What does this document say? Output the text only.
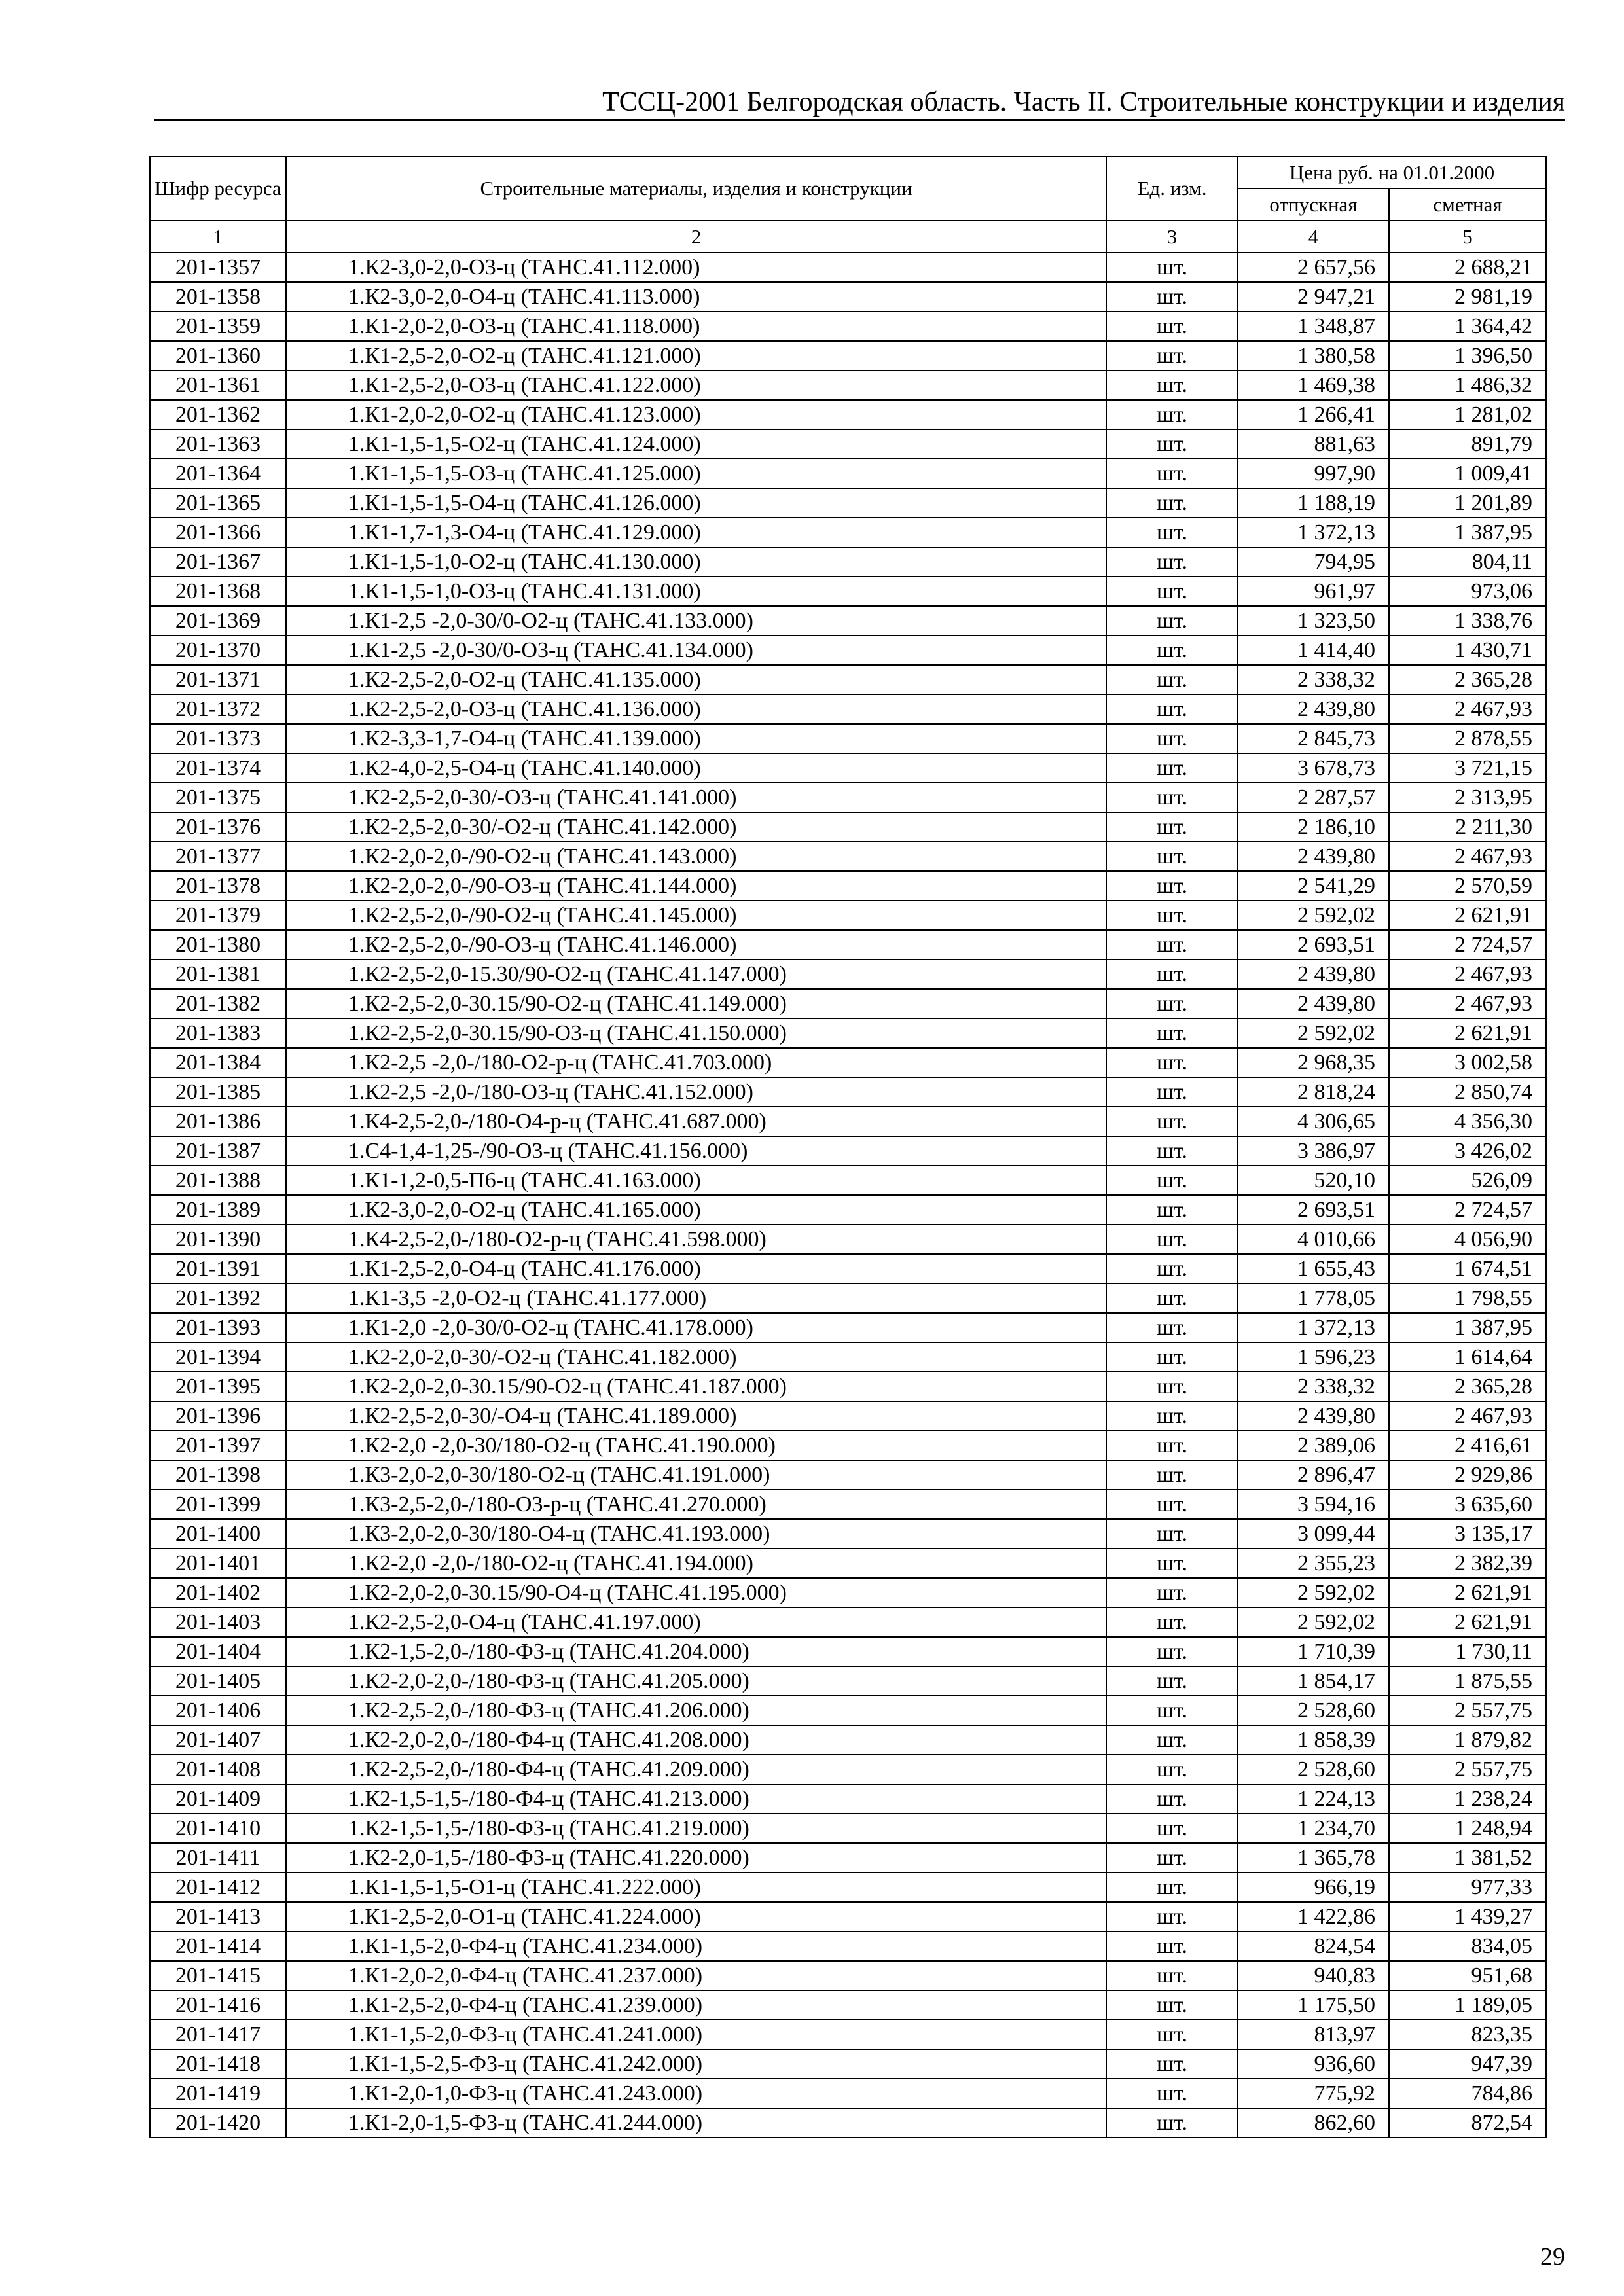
ТССЦ-2001 Белгородская область. Часть II. Строительные конструкции и изделия
Шифр ресурса	Строительные материалы, изделия и конструкции	Ед. изм.	Цена руб. на 01.01.2000	
			отпускная	сметная
1	2	3	4	5
201-1357	1.К2-3,0-2,0-О3-ц (ТАНС.41.112.000)	шт.	2 657,56	2 688,21
201-1358	1.К2-3,0-2,0-О4-ц (ТАНС.41.113.000)	шт.	2 947,21	2 981,19
201-1359	1.К1-2,0-2,0-О3-ц (ТАНС.41.118.000)	шт.	1 348,87	1 364,42
201-1360	1.К1-2,5-2,0-О2-ц (ТАНС.41.121.000)	шт.	1 380,58	1 396,50
201-1361	1.К1-2,5-2,0-О3-ц (ТАНС.41.122.000)	шт.	1 469,38	1 486,32
201-1362	1.К1-2,0-2,0-О2-ц (ТАНС.41.123.000)	шт.	1 266,41	1 281,02
201-1363	1.К1-1,5-1,5-О2-ц (ТАНС.41.124.000)	шт.	881,63	891,79
201-1364	1.К1-1,5-1,5-О3-ц (ТАНС.41.125.000)	шт.	997,90	1 009,41
201-1365	1.К1-1,5-1,5-О4-ц (ТАНС.41.126.000)	шт.	1 188,19	1 201,89
201-1366	1.К1-1,7-1,3-О4-ц (ТАНС.41.129.000)	шт.	1 372,13	1 387,95
201-1367	1.К1-1,5-1,0-О2-ц (ТАНС.41.130.000)	шт.	794,95	804,11
201-1368	1.К1-1,5-1,0-О3-ц (ТАНС.41.131.000)	шт.	961,97	973,06
201-1369	1.К1-2,5 -2,0-30/0-О2-ц (ТАНС.41.133.000)	шт.	1 323,50	1 338,76
201-1370	1.К1-2,5 -2,0-30/0-О3-ц (ТАНС.41.134.000)	шт.	1 414,40	1 430,71
201-1371	1.К2-2,5-2,0-О2-ц (ТАНС.41.135.000)	шт.	2 338,32	2 365,28
201-1372	1.К2-2,5-2,0-О3-ц (ТАНС.41.136.000)	шт.	2 439,80	2 467,93
201-1373	1.К2-3,3-1,7-О4-ц (ТАНС.41.139.000)	шт.	2 845,73	2 878,55
201-1374	1.К2-4,0-2,5-О4-ц (ТАНС.41.140.000)	шт.	3 678,73	3 721,15
201-1375	1.К2-2,5-2,0-30/-О3-ц (ТАНС.41.141.000)	шт.	2 287,57	2 313,95
201-1376	1.К2-2,5-2,0-30/-О2-ц (ТАНС.41.142.000)	шт.	2 186,10	2 211,30
201-1377	1.К2-2,0-2,0-/90-О2-ц (ТАНС.41.143.000)	шт.	2 439,80	2 467,93
201-1378	1.К2-2,0-2,0-/90-О3-ц (ТАНС.41.144.000)	шт.	2 541,29	2 570,59
201-1379	1.К2-2,5-2,0-/90-О2-ц (ТАНС.41.145.000)	шт.	2 592,02	2 621,91
201-1380	1.К2-2,5-2,0-/90-О3-ц (ТАНС.41.146.000)	шт.	2 693,51	2 724,57
201-1381	1.К2-2,5-2,0-15.30/90-О2-ц (ТАНС.41.147.000)	шт.	2 439,80	2 467,93
201-1382	1.К2-2,5-2,0-30.15/90-О2-ц (ТАНС.41.149.000)	шт.	2 439,80	2 467,93
201-1383	1.К2-2,5-2,0-30.15/90-О3-ц (ТАНС.41.150.000)	шт.	2 592,02	2 621,91
201-1384	1.К2-2,5 -2,0-/180-О2-р-ц (ТАНС.41.703.000)	шт.	2 968,35	3 002,58
201-1385	1.К2-2,5 -2,0-/180-О3-ц (ТАНС.41.152.000)	шт.	2 818,24	2 850,74
201-1386	1.К4-2,5-2,0-/180-О4-р-ц (ТАНС.41.687.000)	шт.	4 306,65	4 356,30
201-1387	1.С4-1,4-1,25-/90-О3-ц (ТАНС.41.156.000)	шт.	3 386,97	3 426,02
201-1388	1.К1-1,2-0,5-П6-ц (ТАНС.41.163.000)	шт.	520,10	526,09
201-1389	1.К2-3,0-2,0-О2-ц (ТАНС.41.165.000)	шт.	2 693,51	2 724,57
201-1390	1.К4-2,5-2,0-/180-О2-р-ц (ТАНС.41.598.000)	шт.	4 010,66	4 056,90
201-1391	1.К1-2,5-2,0-О4-ц (ТАНС.41.176.000)	шт.	1 655,43	1 674,51
201-1392	1.К1-3,5 -2,0-О2-ц (ТАНС.41.177.000)	шт.	1 778,05	1 798,55
201-1393	1.К1-2,0 -2,0-30/0-О2-ц (ТАНС.41.178.000)	шт.	1 372,13	1 387,95
201-1394	1.К2-2,0-2,0-30/-О2-ц (ТАНС.41.182.000)	шт.	1 596,23	1 614,64
201-1395	1.К2-2,0-2,0-30.15/90-О2-ц (ТАНС.41.187.000)	шт.	2 338,32	2 365,28
201-1396	1.К2-2,5-2,0-30/-О4-ц (ТАНС.41.189.000)	шт.	2 439,80	2 467,93
201-1397	1.К2-2,0 -2,0-30/180-О2-ц (ТАНС.41.190.000)	шт.	2 389,06	2 416,61
201-1398	1.К3-2,0-2,0-30/180-О2-ц (ТАНС.41.191.000)	шт.	2 896,47	2 929,86
201-1399	1.К3-2,5-2,0-/180-О3-р-ц (ТАНС.41.270.000)	шт.	3 594,16	3 635,60
201-1400	1.К3-2,0-2,0-30/180-О4-ц (ТАНС.41.193.000)	шт.	3 099,44	3 135,17
201-1401	1.К2-2,0 -2,0-/180-О2-ц (ТАНС.41.194.000)	шт.	2 355,23	2 382,39
201-1402	1.К2-2,0-2,0-30.15/90-О4-ц (ТАНС.41.195.000)	шт.	2 592,02	2 621,91
201-1403	1.К2-2,5-2,0-О4-ц (ТАНС.41.197.000)	шт.	2 592,02	2 621,91
201-1404	1.К2-1,5-2,0-/180-Ф3-ц (ТАНС.41.204.000)	шт.	1 710,39	1 730,11
201-1405	1.К2-2,0-2,0-/180-Ф3-ц (ТАНС.41.205.000)	шт.	1 854,17	1 875,55
201-1406	1.К2-2,5-2,0-/180-Ф3-ц (ТАНС.41.206.000)	шт.	2 528,60	2 557,75
201-1407	1.К2-2,0-2,0-/180-Ф4-ц (ТАНС.41.208.000)	шт.	1 858,39	1 879,82
201-1408	1.К2-2,5-2,0-/180-Ф4-ц (ТАНС.41.209.000)	шт.	2 528,60	2 557,75
201-1409	1.К2-1,5-1,5-/180-Ф4-ц (ТАНС.41.213.000)	шт.	1 224,13	1 238,24
201-1410	1.К2-1,5-1,5-/180-Ф3-ц (ТАНС.41.219.000)	шт.	1 234,70	1 248,94
201-1411	1.К2-2,0-1,5-/180-Ф3-ц (ТАНС.41.220.000)	шт.	1 365,78	1 381,52
201-1412	1.К1-1,5-1,5-О1-ц (ТАНС.41.222.000)	шт.	966,19	977,33
201-1413	1.К1-2,5-2,0-О1-ц (ТАНС.41.224.000)	шт.	1 422,86	1 439,27
201-1414	1.К1-1,5-2,0-Ф4-ц (ТАНС.41.234.000)	шт.	824,54	834,05
201-1415	1.К1-2,0-2,0-Ф4-ц (ТАНС.41.237.000)	шт.	940,83	951,68
201-1416	1.К1-2,5-2,0-Ф4-ц (ТАНС.41.239.000)	шт.	1 175,50	1 189,05
201-1417	1.К1-1,5-2,0-Ф3-ц (ТАНС.41.241.000)	шт.	813,97	823,35
201-1418	1.К1-1,5-2,5-Ф3-ц (ТАНС.41.242.000)	шт.	936,60	947,39
201-1419	1.К1-2,0-1,0-Ф3-ц (ТАНС.41.243.000)	шт.	775,92	784,86
201-1420	1.К1-2,0-1,5-Ф3-ц (ТАНС.41.244.000)	шт.	862,60	872,54
29
